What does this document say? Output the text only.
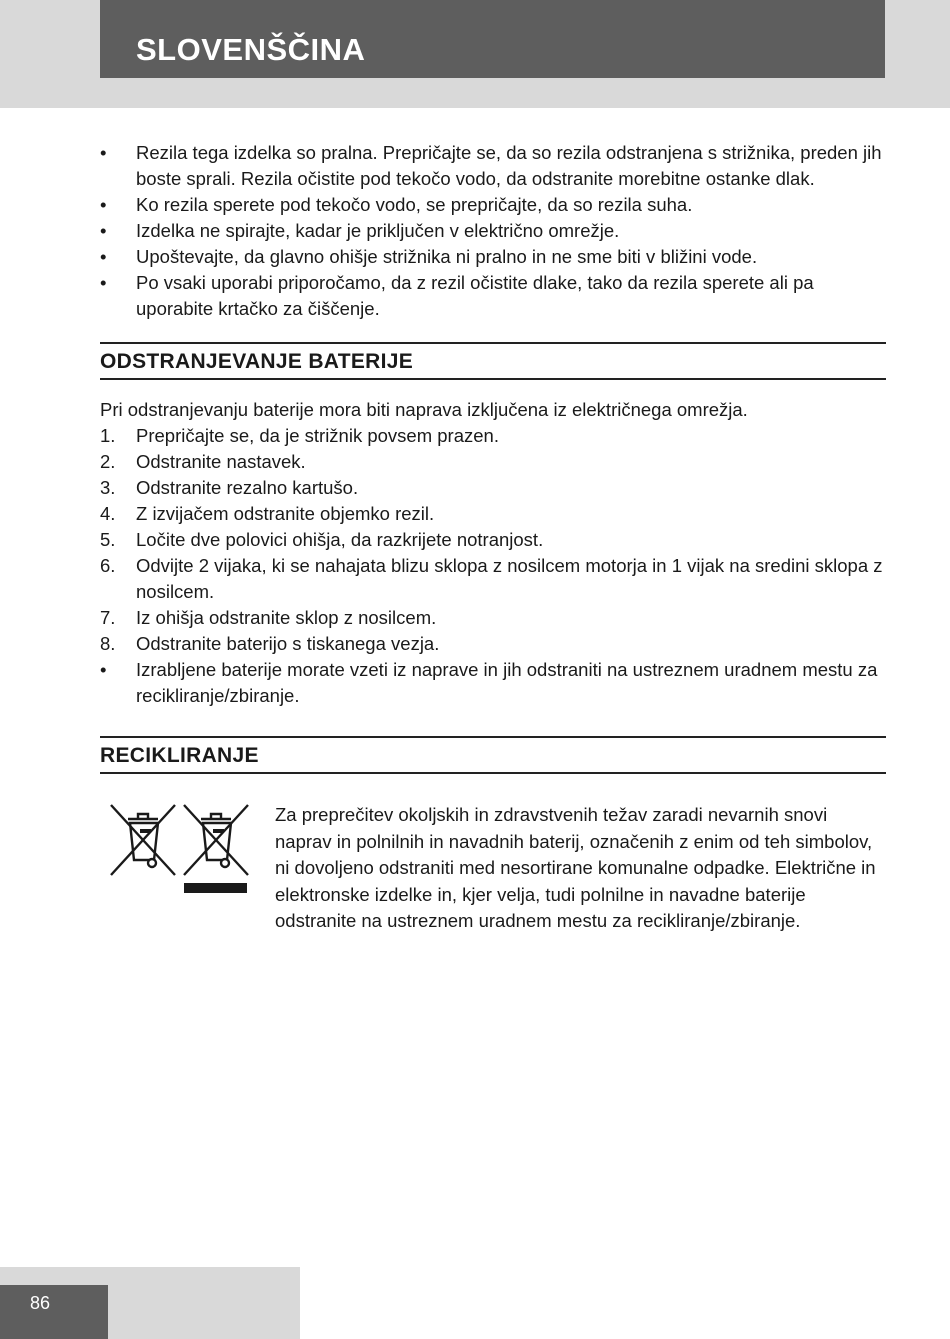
SLOVENŠČINA
•	Rezila tega izdelka so pralna. Prepričajte se, da so rezila odstranjena s strižnika, preden jih boste sprali. Rezila očistite pod tekočo vodo, da odstranite morebitne ostanke dlak.
•	Ko rezila sperete pod tekočo vodo, se prepričajte, da so rezila suha.
•	Izdelka ne spirajte, kadar je priključen v električno omrežje.
•	Upoštevajte, da glavno ohišje strižnika ni pralno in ne sme biti v bližini vode.
•	Po vsaki uporabi priporočamo, da z rezil očistite dlake, tako da rezila sperete ali pa uporabite krtačko za čiščenje.
ODSTRANJEVANJE BATERIJE

Pri odstranjevanju baterije mora biti naprava izključena iz električnega omrežja.

1.	Prepričajte se, da je strižnik povsem prazen.
2.	Odstranite nastavek.
3.	Odstranite rezalno kartušo.
4.	Z izvijačem odstranite objemko rezil.
5.	Ločite dve polovici ohišja, da razkrijete notranjost.
6.	Odvijte 2 vijaka, ki se nahajata blizu sklopa z nosilcem motorja in 1 vijak na sredini sklopa z nosilcem.
7.	Iz ohišja odstranite sklop z nosilcem.
8.	Odstranite baterijo s tiskanega vezja.
•	Izrabljene baterije morate vzeti iz naprave in jih odstraniti na ustreznem uradnem mestu za recikliranje/zbiranje.
RECIKLIRANJE

Za preprečitev okoljskih in zdravstvenih težav zaradi nevarnih snovi naprav in polnilnih in navadnih baterij, označenih z enim od teh simbolov, ni dovoljeno odstraniti med nesortirane komunalne odpadke. Električne in elektronske izdelke in, kjer velja, tudi polnilne in navadne baterije odstranite na ustreznem uradnem mestu za recikliranje/zbiranje.

86
